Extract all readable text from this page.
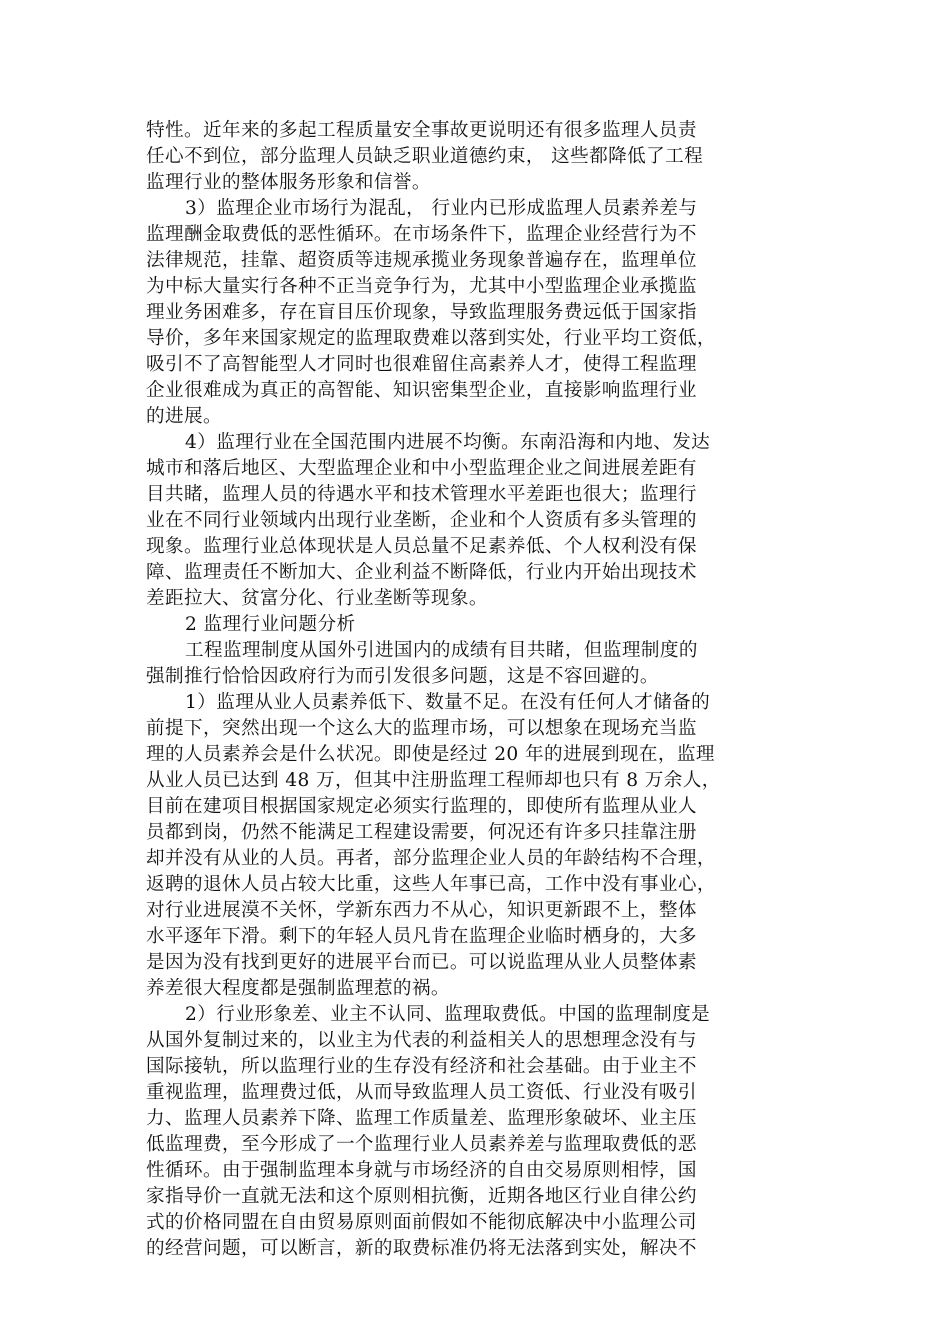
特性。近年来的多起工程质量安全事故更说明还有很多监理人员责
任心不到位，部分监理人员缺乏职业道德约束， 这些都降低了工程
监理行业的整体服务形象和信誉。
3）监理企业市场行为混乱， 行业内已形成监理人员素养差与
监理酬金取费低的恶性循环。在市场条件下，监理企业经营行为不
法律规范，挂靠、超资质等违规承揽业务现象普遍存在，监理单位
为中标大量实行各种不正当竞争行为，尤其中小型监理企业承揽监
理业务困难多，存在盲目压价现象，导致监理服务费远低于国家指
导价，多年来国家规定的监理取费难以落到实处，行业平均工资低，
吸引不了高智能型人才同时也很难留住高素养人才，使得工程监理
企业很难成为真正的高智能、知识密集型企业，直接影响监理行业
的进展。
4）监理行业在全国范围内进展不均衡。东南沿海和内地、发达
城市和落后地区、大型监理企业和中小型监理企业之间进展差距有
目共睹，监理人员的待遇水平和技术管理水平差距也很大；监理行
业在不同行业领域内出现行业垄断，企业和个人资质有多头管理的
现象。监理行业总体现状是人员总量不足素养低、个人权利没有保
障、监理责任不断加大、企业利益不断降低，行业内开始出现技术
差距拉大、贫富分化、行业垄断等现象。
2 监理行业问题分析
工程监理制度从国外引进国内的成绩有目共睹，但监理制度的
强制推行恰恰因政府行为而引发很多问题，这是不容回避的。
1）监理从业人员素养低下、数量不足。在没有任何人才储备的
前提下，突然出现一个这么大的监理市场，可以想象在现场充当监
理的人员素养会是什么状况。即使是经过 20 年的进展到现在，监理
从业人员已达到 48 万，但其中注册监理工程师却也只有 8 万余人，
目前在建项目根据国家规定必须实行监理的，即使所有监理从业人
员都到岗，仍然不能满足工程建设需要，何况还有许多只挂靠注册
却并没有从业的人员。再者，部分监理企业人员的年龄结构不合理，
返聘的退休人员占较大比重，这些人年事已高，工作中没有事业心，
对行业进展漠不关怀，学新东西力不从心，知识更新跟不上，整体
水平逐年下滑。剩下的年轻人员凡肯在监理企业临时栖身的，大多
是因为没有找到更好的进展平台而已。可以说监理从业人员整体素
养差很大程度都是强制监理惹的祸。
2）行业形象差、业主不认同、监理取费低。中国的监理制度是
从国外复制过来的，以业主为代表的利益相关人的思想理念没有与
国际接轨，所以监理行业的生存没有经济和社会基础。由于业主不
重视监理，监理费过低，从而导致监理人员工资低、行业没有吸引
力、监理人员素养下降、监理工作质量差、监理形象破坏、业主压
低监理费，至今形成了一个监理行业人员素养差与监理取费低的恶
性循环。由于强制监理本身就与市场经济的自由交易原则相悖，国
家指导价一直就无法和这个原则相抗衡，近期各地区行业自律公约
式的价格同盟在自由贸易原则面前假如不能彻底解决中小监理公司
的经营问题，可以断言，新的取费标准仍将无法落到实处，解决不
